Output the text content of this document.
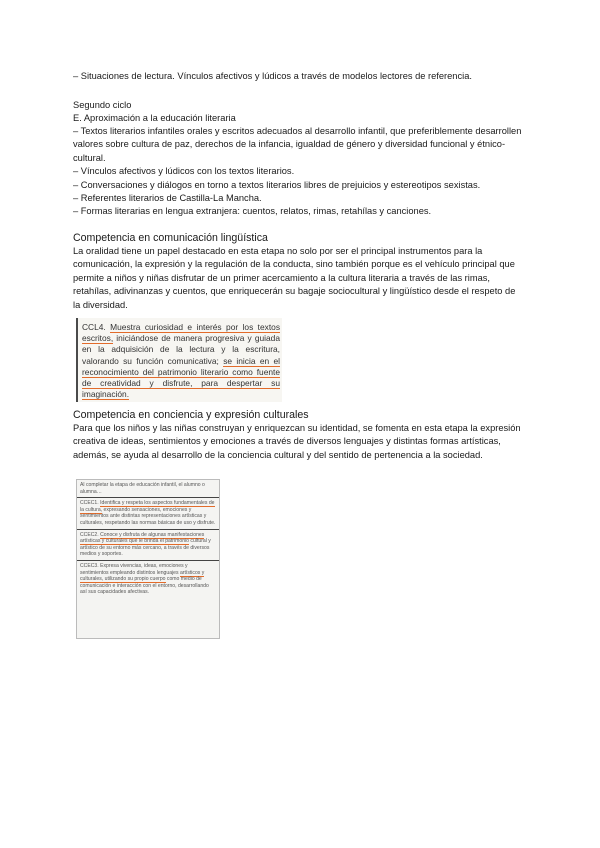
– Situaciones de lectura. Vínculos afectivos y lúdicos a través de modelos lectores de referencia.

Segundo ciclo

E. Aproximación a la educación literaria

– Textos literarios infantiles orales y escritos adecuados al desarrollo infantil, que preferiblemente desarrollen valores sobre cultura de paz, derechos de la infancia, igualdad de género y diversidad funcional y étnico-cultural.
– Vínculos afectivos y lúdicos con los textos literarios.
– Conversaciones y diálogos en torno a textos literarios libres de prejuicios y estereotipos sexistas.
– Referentes literarios de Castilla-La Mancha.
– Formas literarias en lengua extranjera: cuentos, relatos, rimas, retahílas y canciones.

Competencia en comunicación lingüística

La oralidad tiene un papel destacado en esta etapa no solo por ser el principal instrumentos para la comunicación, la expresión y la regulación de la conducta, sino también porque es el vehículo principal que permite a niños y niñas disfrutar de un primer acercamiento a la cultura literaria a través de las rimas, retahílas, adivinanzas y cuentos, que enriquecerán su bagaje sociocultural y lingüístico desde el respeto de la diversidad.

CCL4. Muestra curiosidad e interés por los textos escritos, iniciándose de manera progresiva y guiada en la adquisición de la lectura y la escritura, valorando su función comunicativa; se inicia en el reconocimiento del patrimonio literario como fuente de creatividad y disfrute, para despertar su imaginación.

Competencia en conciencia y expresión culturales

Para que los niños y las niñas construyan y enriquezcan su identidad, se fomenta en esta etapa la expresión creativa de ideas, sentimientos y emociones a través de diversos lenguajes y distintas formas artísticas, además, se ayuda al desarrollo de la conciencia cultural y del sentido de pertenencia a la sociedad.

Al completar la etapa de educación infantil, el alumno o alumna…
CCEC1. Identifica y respeta los aspectos fundamentales de la cultura, expresando sensaciones, emociones y sentimientos ante distintas representaciones artísticas y culturales, respetando las normas básicas de uso y disfrute.
CCEC2. Conoce y disfruta de algunas manifestaciones artísticas y culturales que le brinda el patrimonio cultural y artístico de su entorno más cercano, a través de diversos medios y soportes.
CCEC3. Expresa vivencias, ideas, emociones y sentimientos empleando distintos lenguajes artísticos y culturales, utilizando su propio cuerpo como medio de comunicación e interacción con el entorno, desarrollando así sus capacidades afectivas.
